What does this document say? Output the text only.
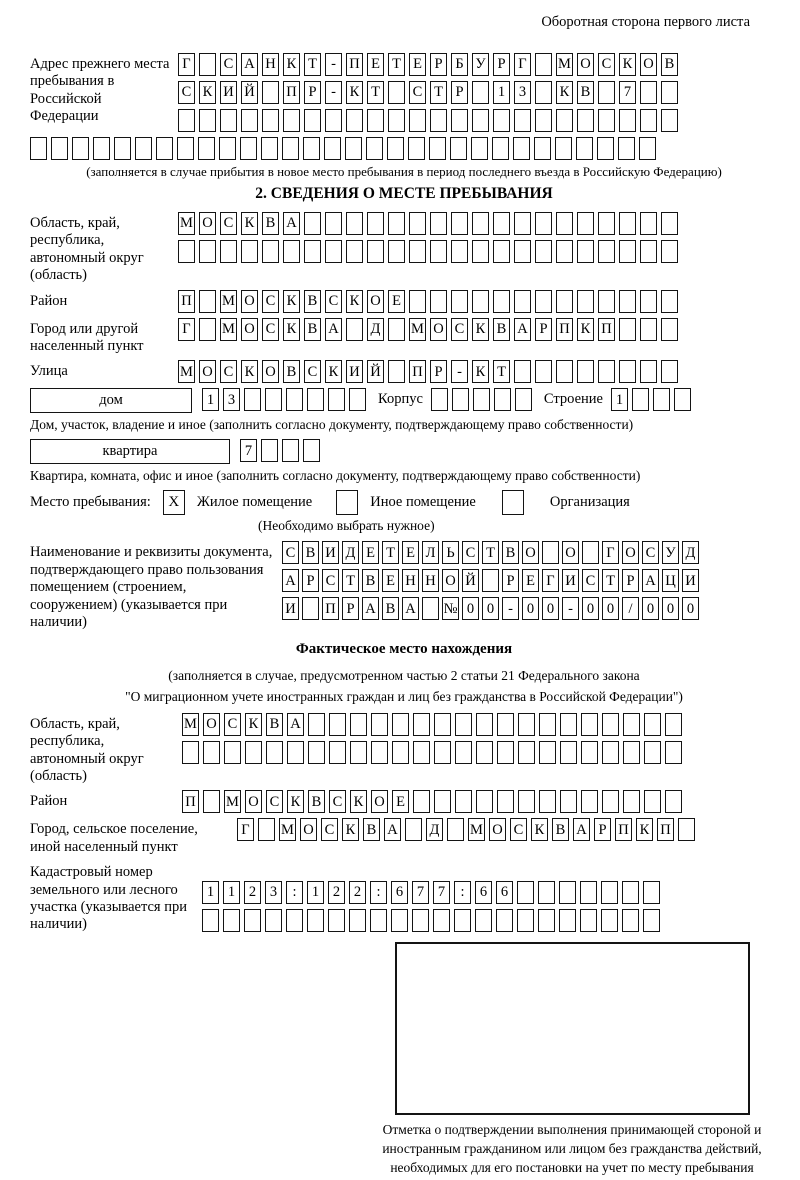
Оборотная сторона первого листа
Адрес прежнего места пребывания в Российской Федерации
Г С А Н К Т - П Е Т Е Р Б У Р Г М О С К О В
С К И Й П Р	- К Т С Т Р	1 3	К В	7
(заполняется в случае прибытия в новое место пребывания в период последнего въезда в Российскую Федерацию)
2. СВЕДЕНИЯ О МЕСТЕ ПРЕБЫВАНИЯ
Область, край, республика, автономный округ (область)
М О С К В А
Район	П М О С К В С К О Е
Город или другой населенный пункт
Г М О С К В А Д М О С К В А Р П К П
Улица	М О С К О В С К И Й П Р	- К Т
дом	1 3	Корпус	Строение 1
Дом, участок, владение и иное (заполнить согласно документу, подтверждающему право собственности)
квартира	7
Квартира, комната, офис и иное (заполнить согласно документу, подтверждающему право собственности)
Место пребывания:	X	Жилое помещение	Иное помещение	Организация
(Необходимо выбрать нужное)
Наименование и реквизиты документа, подтверждающего право пользования помещением (строением, сооружением) (указывается при наличии)
С В И Д Е Т Е Л Ь С Т В О О Г О С У Д
А Р С Т В Е Н Н О Й	Р Е Г И С Т Р А Ц И
И П Р А В А № 0 0 - 0 0 - 0 0 / 0 0 0
Фактическое место нахождения
(заполняется в случае, предусмотренном частью 2 статьи 21 Федерального закона
"О миграционном учете иностранных граждан и лиц без гражданства в Российской Федерации")
Область, край, республика, автономный округ (область)
М О С К В А
Район	П М О С К В С К О Е
Город, сельское поселение, иной населенный пункт
Г М О С К В А Д М О С К В А Р П К П
Кадастровый номер земельного или лесного участка (указывается при наличии)
1 1 2 3	:	1 2 2	:	6 7 7	:	6 6
Отметка о подтверждении выполнения принимающей стороной и иностранным гражданином или лицом без гражданства действий, необходимых для его постановки на учет по месту пребывания
